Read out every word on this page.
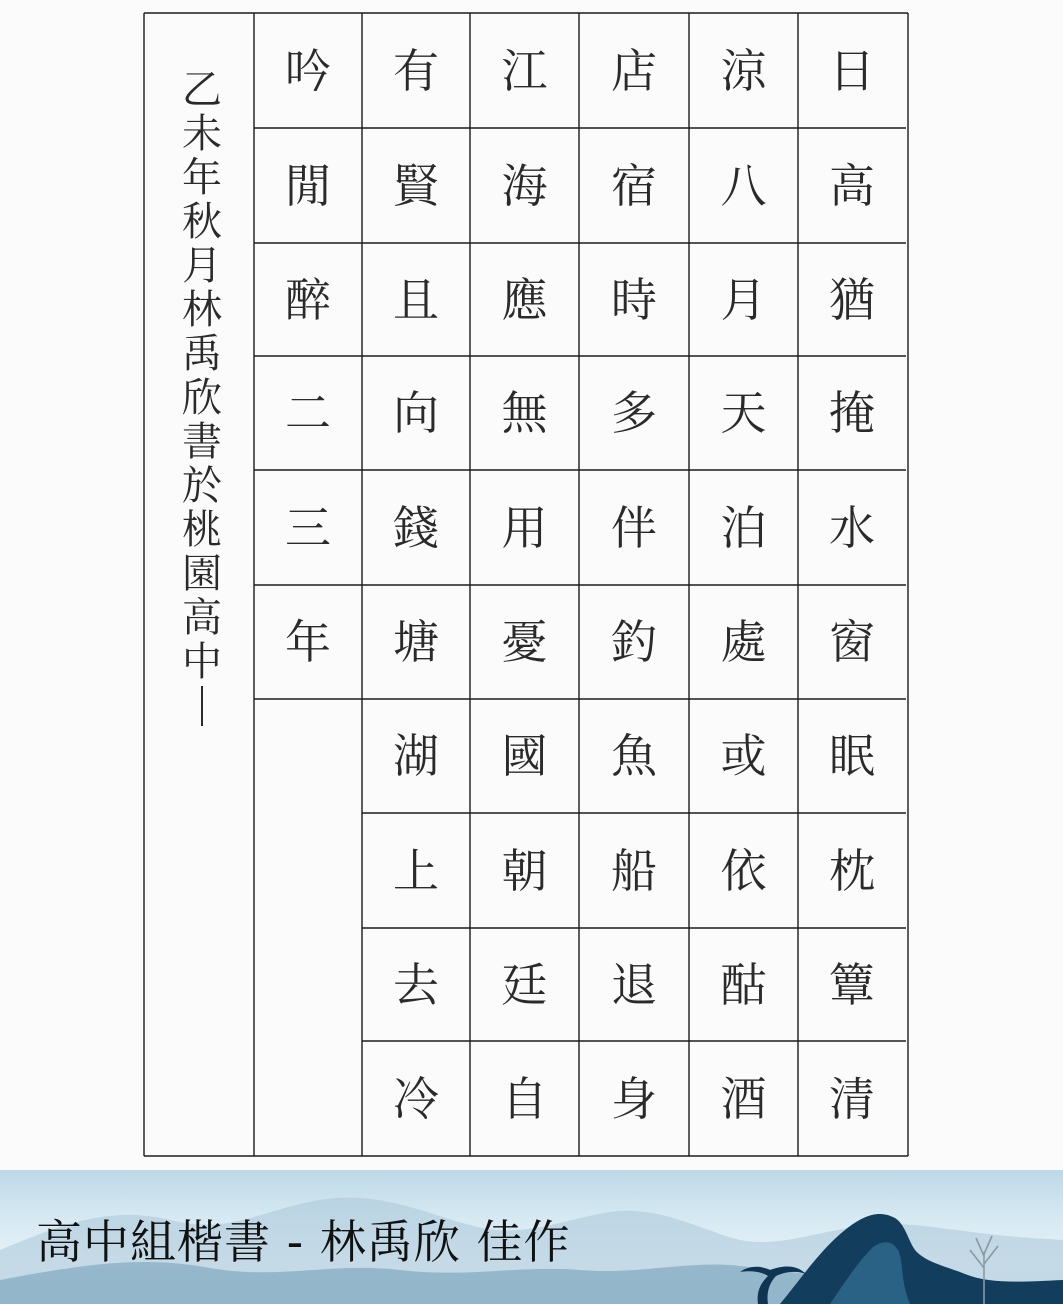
日
高
猶
掩
水
窗
眠
枕
簟
清
涼
八
月
天
泊
處
或
依
酤
酒
店
宿
時
多
伴
釣
魚
船
退
身
江
海
應
無
用
憂
國
朝
廷
自
有
賢
且
向
錢
塘
湖
上
去
冷
吟
閒
醉
二
三
年
乙
未
年
秋
月
林
禹
欣
書
於
桃
園
高
中
高中組楷書 - 林禹欣 佳作
